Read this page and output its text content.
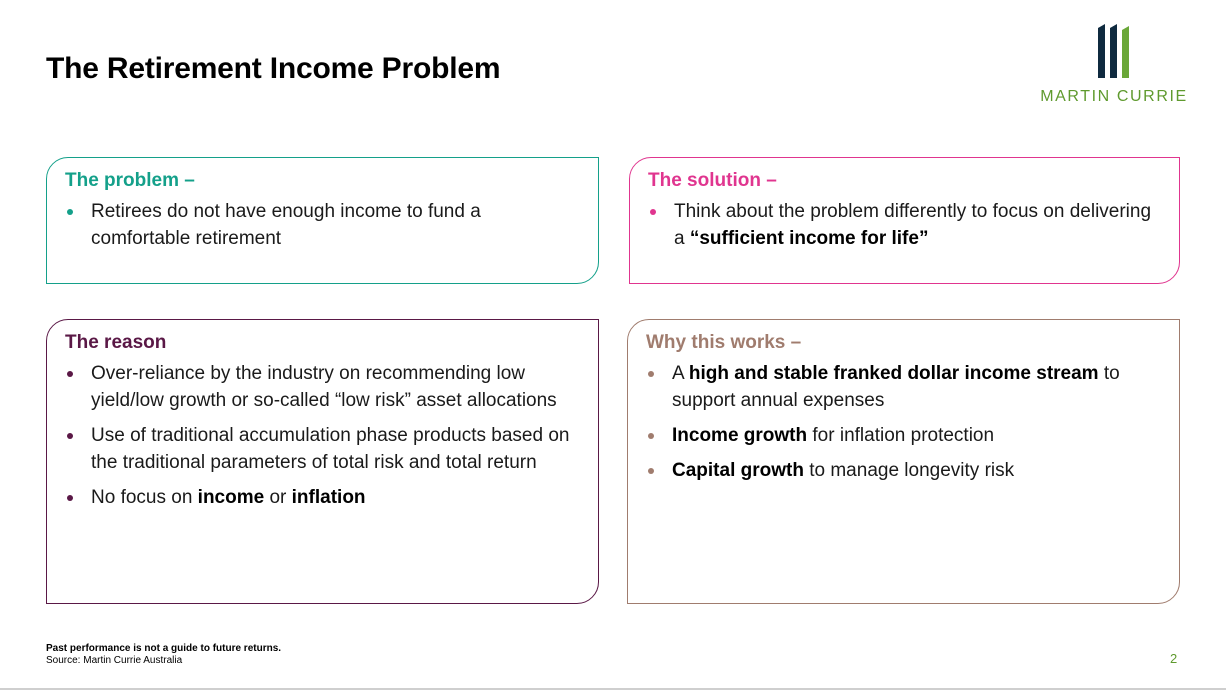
The Retirement Income Problem
MARTIN CURRIE
The problem –
Retirees do not have enough income to fund a comfortable retirement
The solution –
Think about the problem differently to focus on delivering a “sufficient income for life”
The reason
Over-reliance by the industry on recommending low yield/low growth or so-called “low risk” asset allocations
Use of traditional accumulation phase products based on the traditional parameters of total risk and total return
No focus on income or inflation
Why this works –
A high and stable franked dollar income stream to support annual expenses
Income growth for inflation protection
Capital growth to manage longevity risk
Past performance is not a guide to future returns.
Source: Martin Currie Australia	2
